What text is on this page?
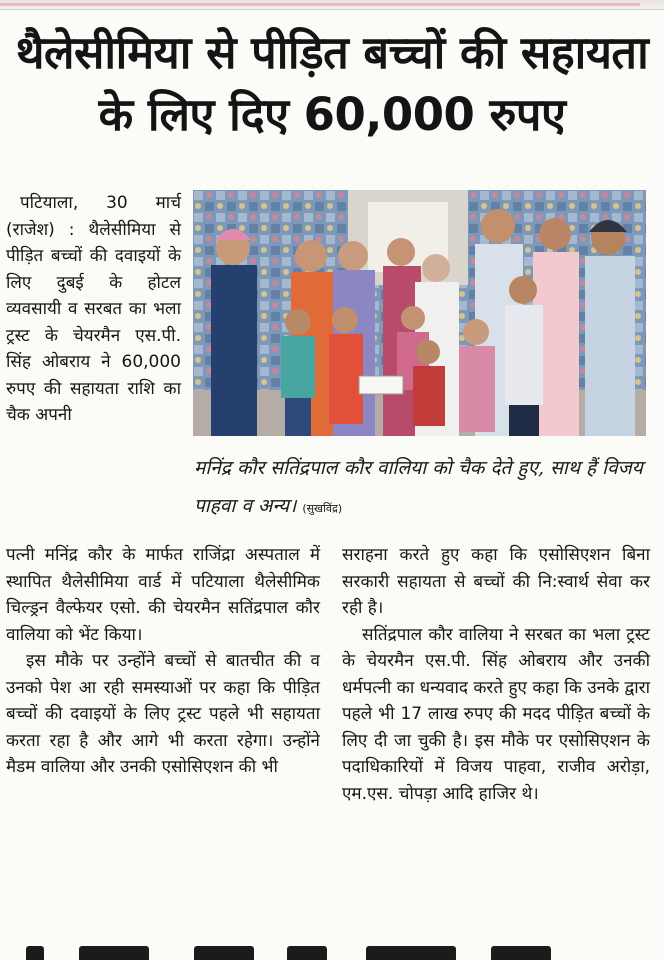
थैलेसीमिया से पीड़ित बच्चों की सहायता
के लिए दिए 60,000 रुपए

पटियाला, 30 मार्च (राजेश) : थैलेसीमिया से पीड़ित बच्चों की दवाइयों के लिए दुबई के होटल व्यवसायी व सरबत का भला ट्रस्ट के चेयरमैन एस.पी. सिंह ओबराय ने 60,000 रुपए की सहायता राशि का चैक अपनी

मनिंद्र कौर सतिंद्रपाल कौर वालिया को चैक देते हुए, साथ हैं विजय पाहवा व अन्य। (सुखविंद्र)

पत्नी मनिंद्र कौर के मार्फत राजिंद्रा अस्पताल में स्थापित थैलेसीमिया वार्ड में पटियाला थैलेसीमिक चिल्ड्रन वैल्फेयर एसो. की चेयरमैन सतिंद्रपाल कौर वालिया को भेंट किया।

इस मौके पर उन्होंने बच्चों से बातचीत की व उनको पेश आ रही समस्याओं पर कहा कि पीड़ित बच्चों की दवाइयों के लिए ट्रस्ट पहले भी सहायता करता रहा है और आगे भी करता रहेगा। उन्होंने मैडम वालिया और उनकी एसोसिएशन की भी

सराहना करते हुए कहा कि एसोसिएशन बिना सरकारी सहायता से बच्चों की नि:स्वार्थ सेवा कर रही है।

सतिंद्रपाल कौर वालिया ने सरबत का भला ट्रस्ट के चेयरमैन एस.पी. सिंह ओबराय और उनकी धर्मपत्नी का धन्यवाद करते हुए कहा कि उनके द्वारा पहले भी 17 लाख रुपए की मदद पीड़ित बच्चों के लिए दी जा चुकी है। इस मौके पर एसोसिएशन के पदाधिकारियों में विजय पाहवा, राजीव अरोड़ा, एम.एस. चोपड़ा आदि हाजिर थे।
